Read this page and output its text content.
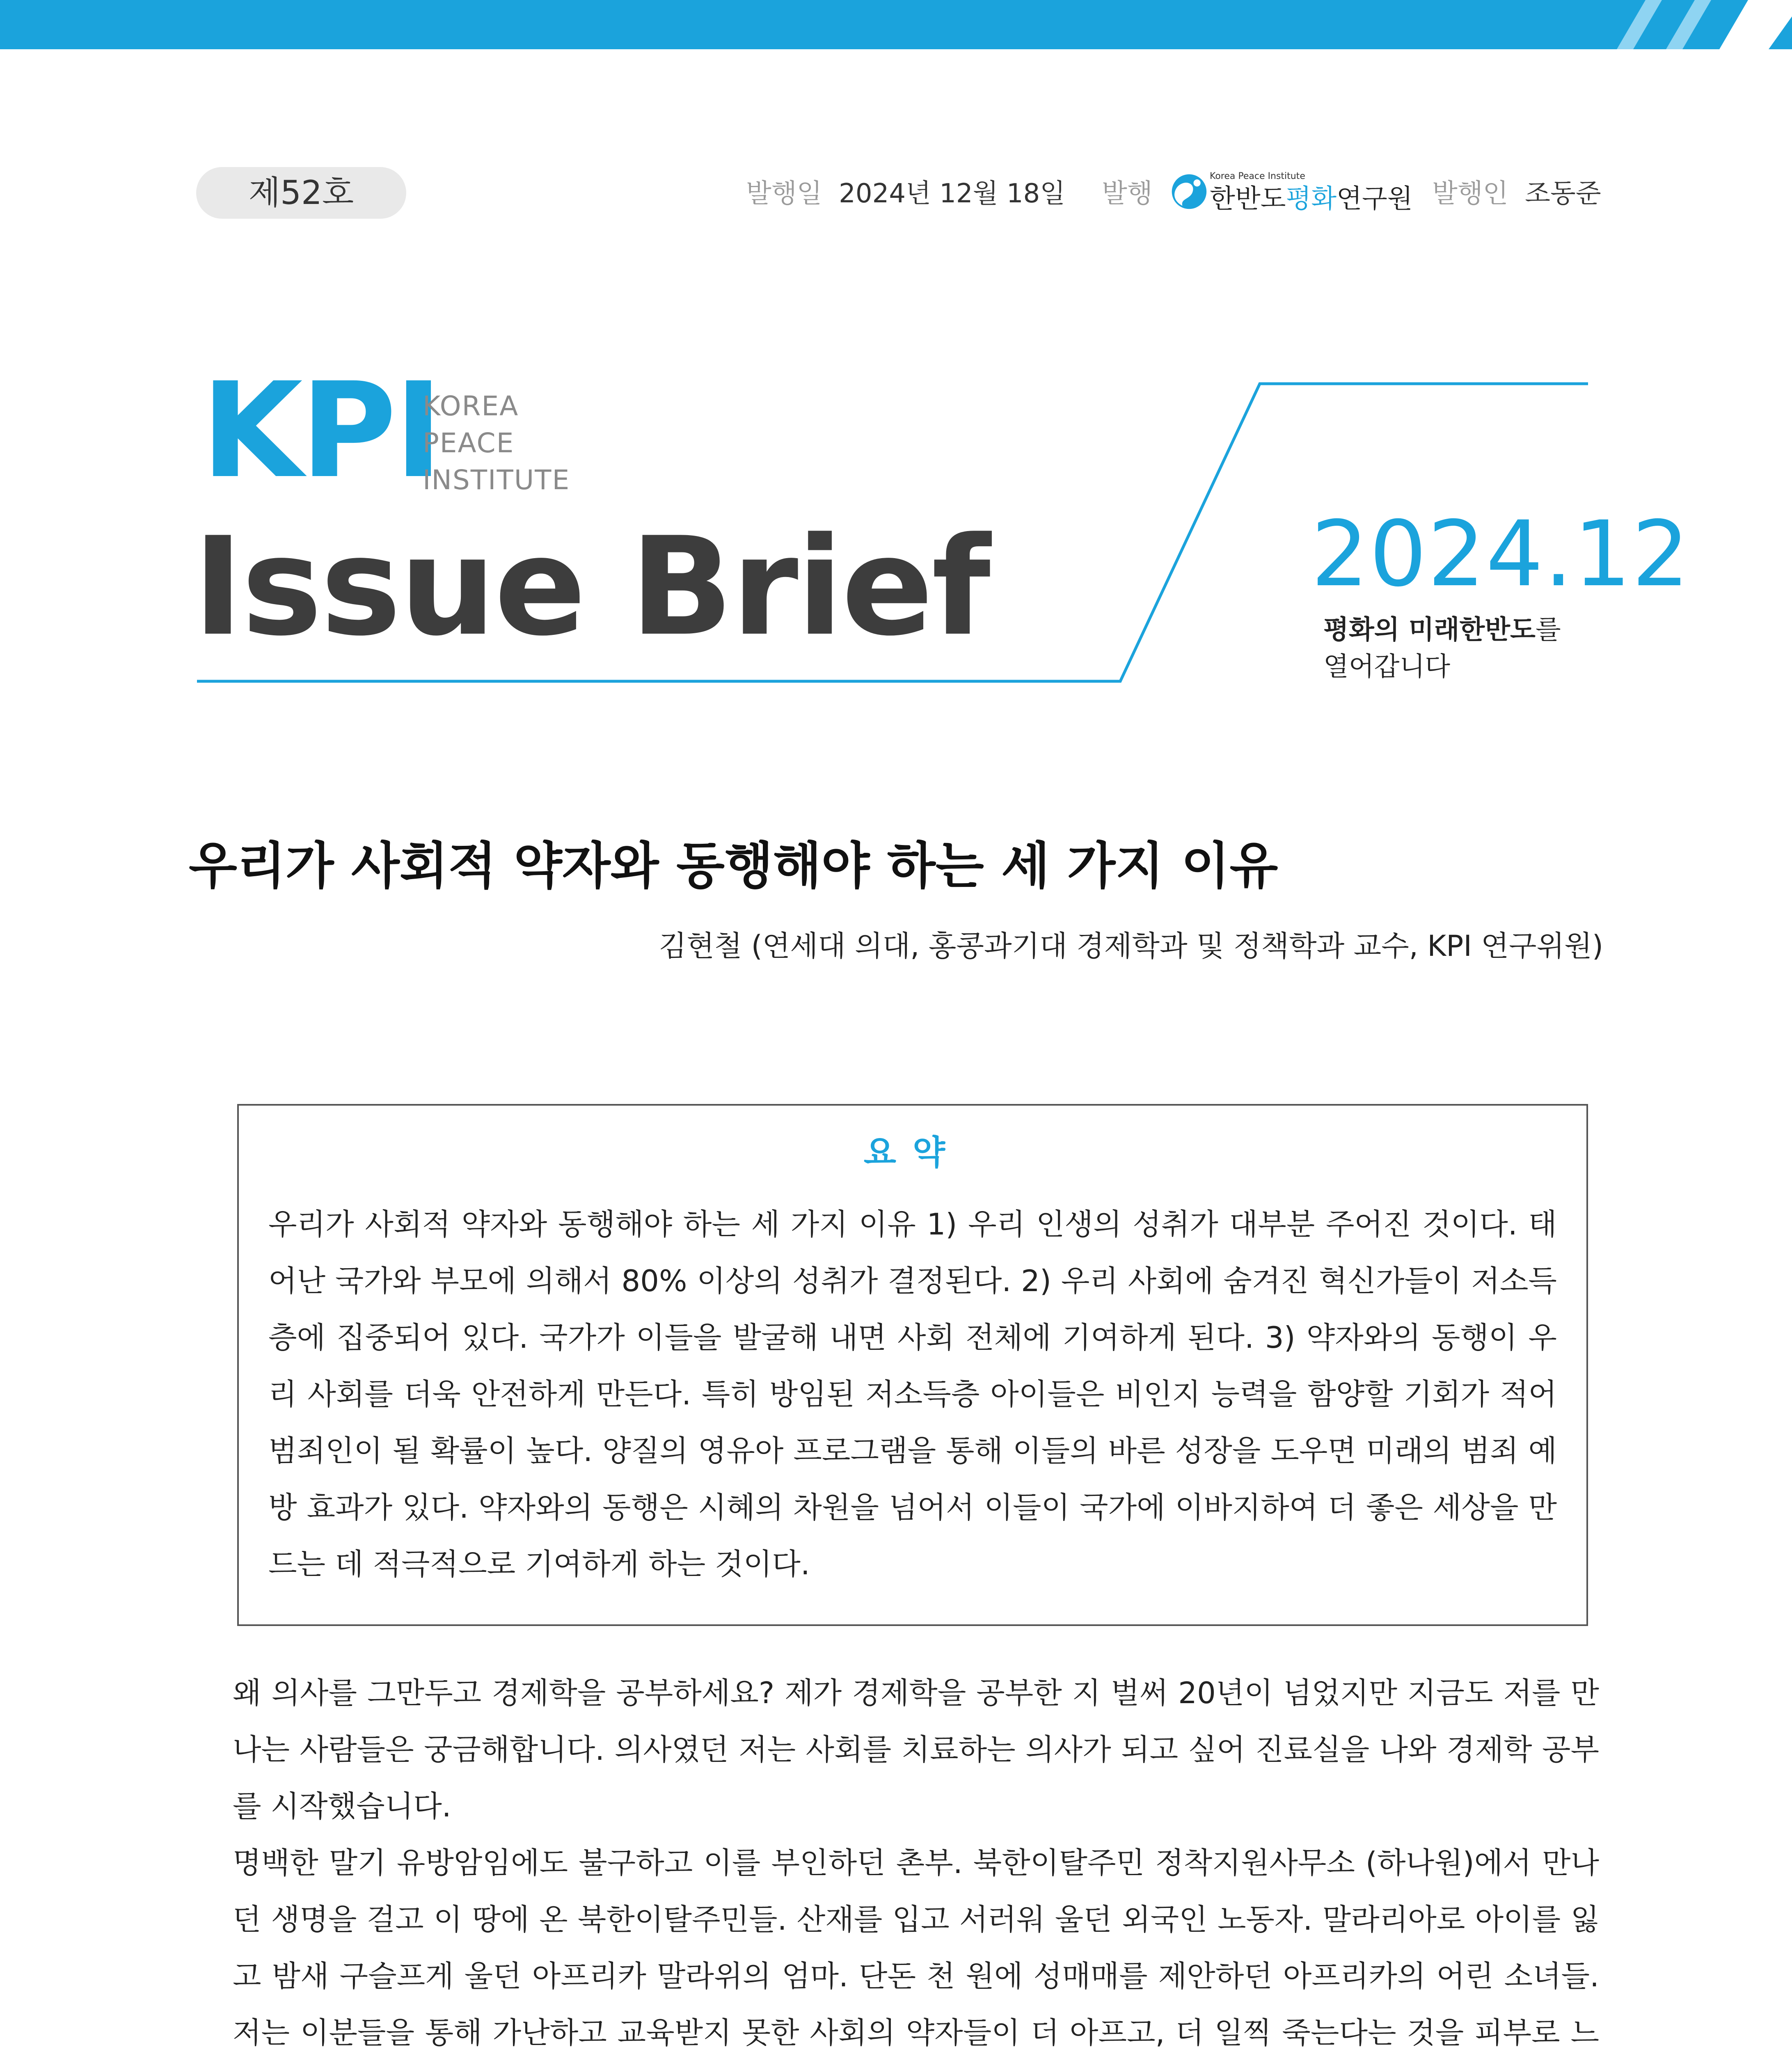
제52호	발행일 2024년 12월 18일 발행
Korea Peace Institute
한반도평화연구원 발행인 조동준
KPI
KOREA
PEACE
INSTITUTE
Issue Brief	2024.12
평화의 미래한반도를
열어갑니다
우리가 사회적 약자와 동행해야 하는 세 가지 이유
김현철 (연세대 의대, 홍콩과기대 경제학과 및 정책학과 교수, KPI 연구위원)
요약
우리가 사회적 약자와 동행해야 하는 세 가지 이유 1) 우리 인생의 성취가 대부분 주어진 것이다. 태어난 국가와 부모에 의해서 80% 이상의 성취가 결정된다. 2) 우리 사회에 숨겨진 혁신가들이 저소득층에 집중되어 있다. 국가가 이들을 발굴해 내면 사회 전체에 기여하게 된다. 3) 약자와의 동행이 우리 사회를 더욱 안전하게 만든다. 특히 방임된 저소득층 아이들은 비인지 능력을 함양할 기회가 적어 범죄인이 될 확률이 높다. 양질의 영유아 프로그램을 통해 이들의 바른 성장을 도우면 미래의 범죄 예방 효과가 있다. 약자와의 동행은 시혜의 차원을 넘어서 이들이 국가에 이바지하여 더 좋은 세상을 만드는 데 적극적으로 기여하게 하는 것이다.
왜 의사를 그만두고 경제학을 공부하세요? 제가 경제학을 공부한 지 벌써 20년이 넘었지만 지금도 저를 만나는 사람들은 궁금해합니다. 의사였던 저는 사회를 치료하는 의사가 되고 싶어 진료실을 나와 경제학 공부를 시작했습니다.
명백한 말기 유방암임에도 불구하고 이를 부인하던 촌부. 북한이탈주민 정착지원사무소 (하나원)에서 만나던 생명을 걸고 이 땅에 온 북한이탈주민들. 산재를 입고 서러워 울던 외국인 노동자. 말라리아로 아이를 잃고 밤새 구슬프게 울던 아프리카 말라위의 엄마. 단돈 천 원에 성매매를 제안하던 아프리카의 어린 소녀들. 저는 이분들을 통해 가난하고 교육받지 못한 사회의 약자들이 더 아프고, 더 일찍 죽는다는 것을 피부로 느
